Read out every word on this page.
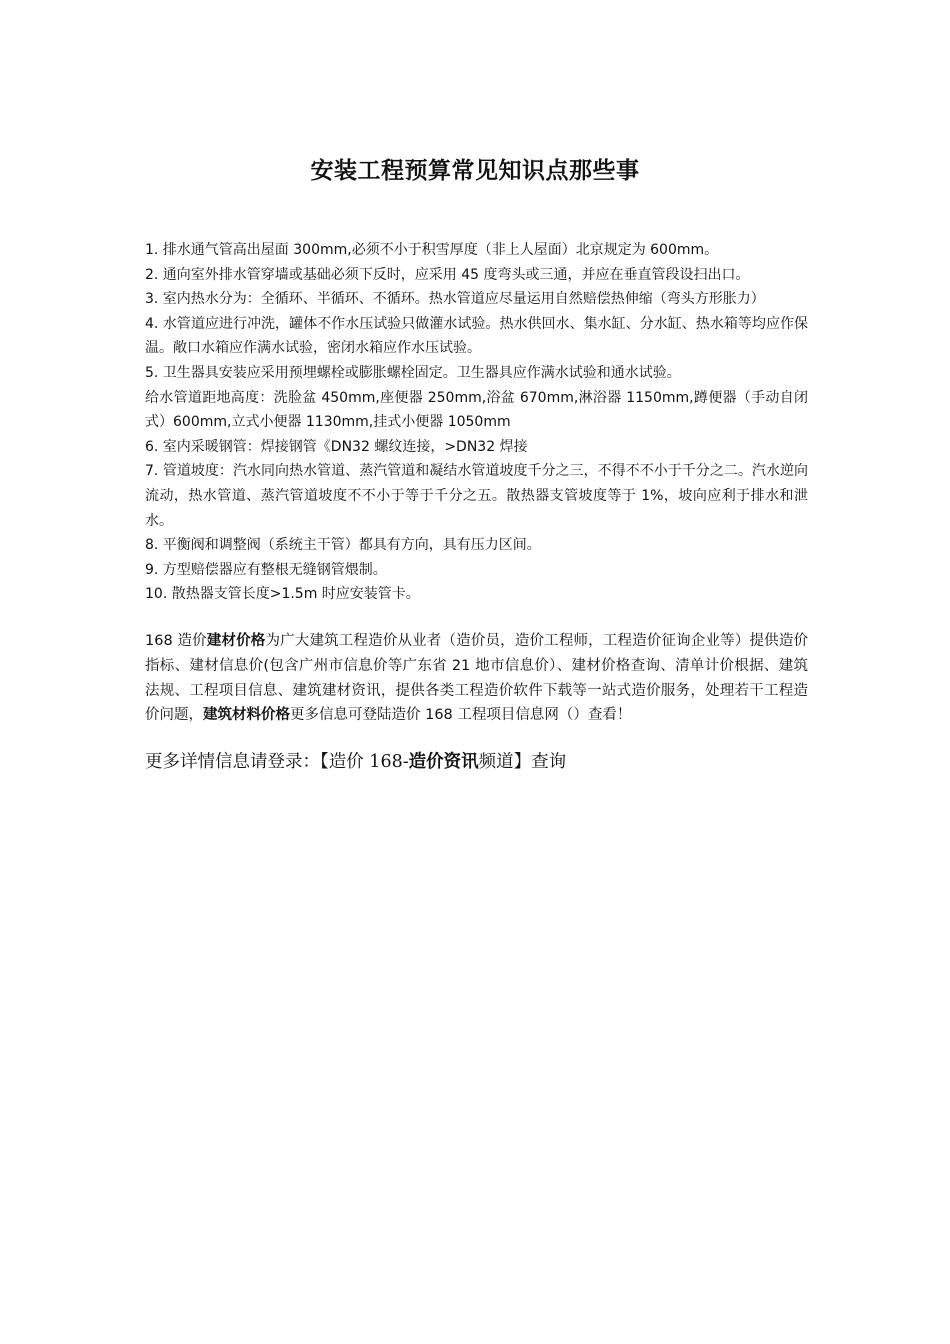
安装工程预算常见知识点那些事

1. 排水通气管高出屋面 300mm,必须不小于积雪厚度（非上人屋面）北京规定为 600mm。

2. 通向室外排水管穿墙或基础必须下反时，应采用 45 度弯头或三通，并应在垂直管段设扫出口。

3. 室内热水分为：全循环、半循环、不循环。热水管道应尽量运用自然赔偿热伸缩（弯头方形胀力）

4. 水管道应进行冲洗，罐体不作水压试验只做灌水试验。热水供回水、集水缸、分水缸、热水箱等均应作保温。敞口水箱应作满水试验，密闭水箱应作水压试验。

5. 卫生器具安装应采用预埋螺栓或膨胀螺栓固定。卫生器具应作满水试验和通水试验。

给水管道距地高度：洗脸盆 450mm,座便器 250mm,浴盆 670mm,淋浴器 1150mm,蹲便器（手动自闭式）600mm,立式小便器 1130mm,挂式小便器 1050mm

6. 室内采暖钢管：焊接钢管《DN32 螺纹连接，>DN32 焊接

7. 管道坡度：汽水同向热水管道、蒸汽管道和凝结水管道坡度千分之三，不得不不小于千分之二。汽水逆向流动，热水管道、蒸汽管道坡度不不小于等于千分之五。散热器支管坡度等于 1%，坡向应利于排水和泄水。

8. 平衡阀和调整阀（系统主干管）都具有方向，具有压力区间。

9. 方型赔偿器应有整根无缝钢管煨制。

10. 散热器支管长度>1.5m 时应安装管卡。

168 造价建材价格为广大建筑工程造价从业者（造价员，造价工程师，工程造价征询企业等）提供造价指标、建材信息价(包含广州市信息价等广东省 21 地市信息价）、建材价格查询、清单计价根据、建筑法规、工程项目信息、建筑建材资讯，提供各类工程造价软件下载等一站式造价服务，处理若干工程造价问题，建筑材料价格更多信息可登陆造价 168 工程项目信息网（）查看！

更多详情信息请登录：【造价 168-造价资讯频道】查询
